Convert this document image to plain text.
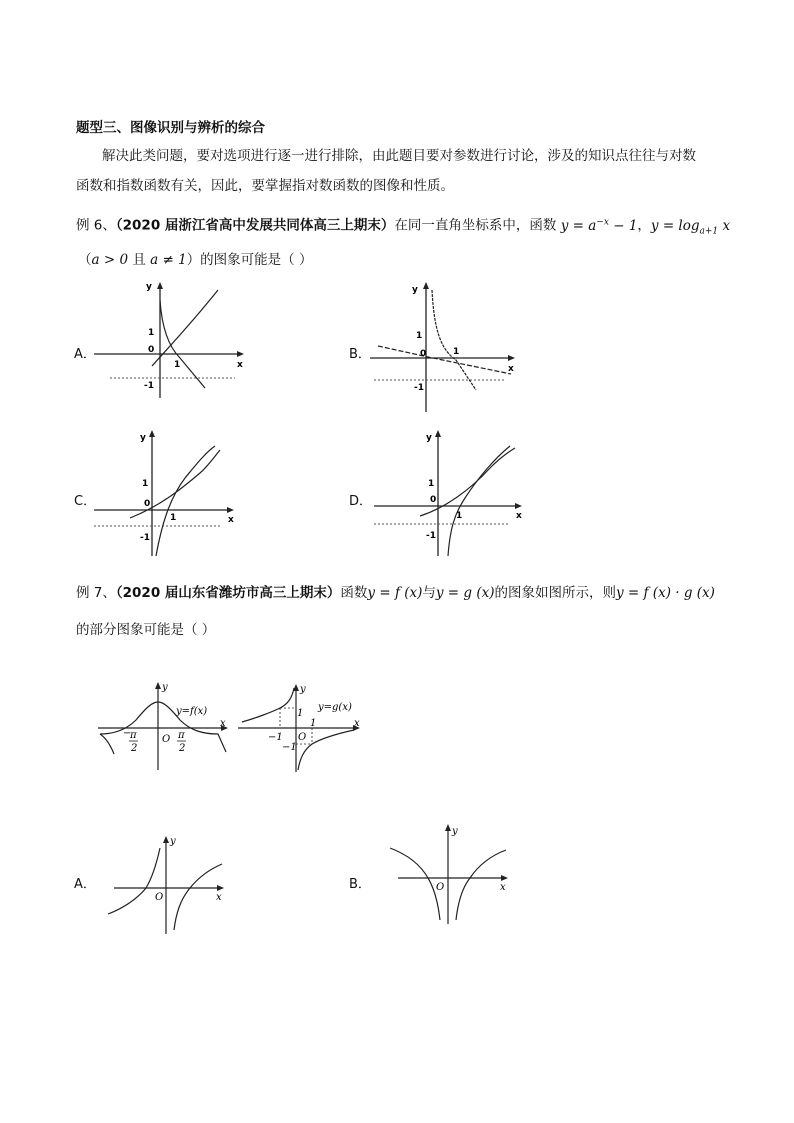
题型三、图像识别与辨析的综合
解决此类问题，要对选项进行逐一进行排除，由此题目要对参数进行讨论，涉及的知识点往往与对数
函数和指数函数有关，因此，要掌握指对数函数的图像和性质。
例 6、（2020 届浙江省高中发展共同体高三上期末）在同一直角坐标系中，函数 $y = a^{-x} - 1$，$y = \log_{a+1} x$
（a > 0 且 a ≠ 1）的图象可能是（ ）
A．	B．
C．	D．
y
x
1
0
1
-1
y
x
1
0	1
-1
y
x
1
0
1
-1
y
x
1
0
1
-1
例 7、（2020 届山东省潍坊市高三上期末）函数y = f (x)与y = g (x)的图象如图所示，则y = f (x) · g (x)
的部分图象可能是（ ）
y=f(x)
y
x
O
−
π
2
π
2
y=g(x)
y
x
1
1
−1 O
−1
A．	B．
y
x
O
y
x
O
